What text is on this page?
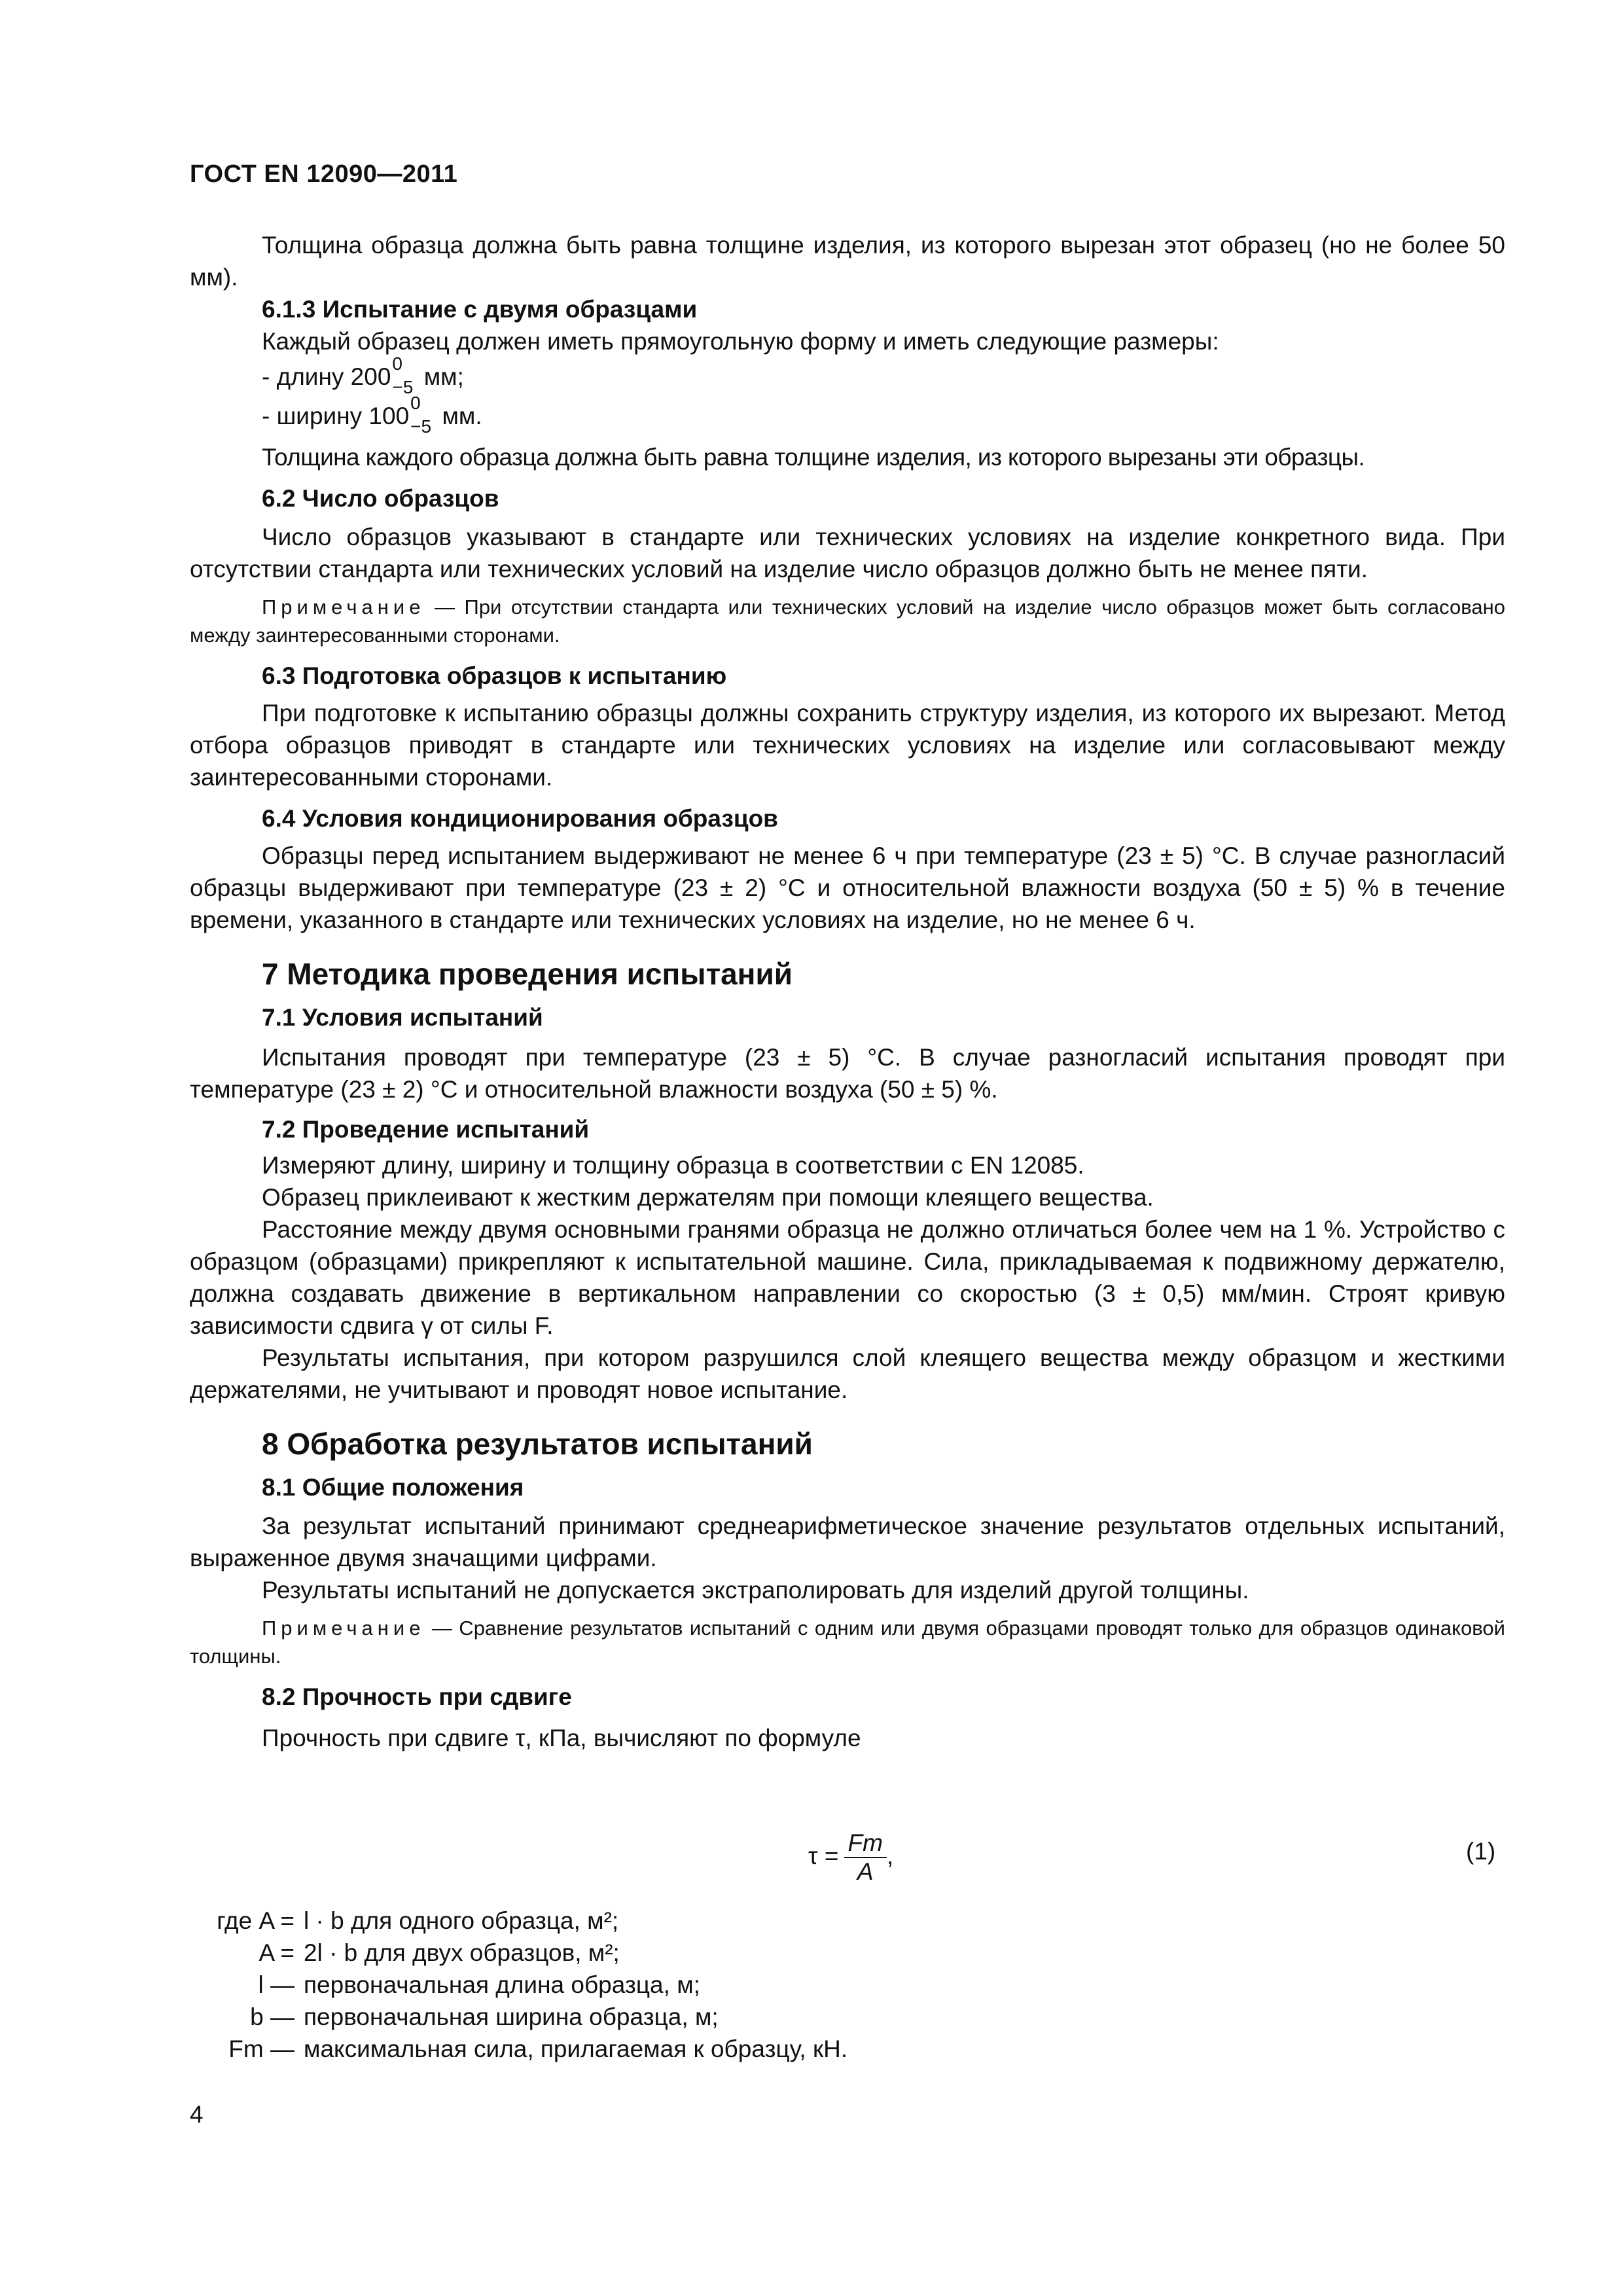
ГОСТ EN 12090—2011

Толщина образца должна быть равна толщине изделия, из которого вырезан этот образец (но не более 50 мм).

6.1.3 Испытание с двумя образцами

Каждый образец должен иметь прямоугольную форму и иметь следующие размеры:

- длину 200 0
−5 мм;

- ширину 100 0
−5 мм.

Толщина каждого образца должна быть равна толщине изделия, из которого вырезаны эти образцы.

6.2 Число образцов

Число образцов указывают в стандарте или технических условиях на изделие конкретного вида. При отсутствии стандарта или технических условий на изделие число образцов должно быть не менее пяти.

Примечание — При отсутствии стандарта или технических условий на изделие число образцов может быть согласовано между заинтересованными сторонами.

6.3 Подготовка образцов к испытанию

При подготовке к испытанию образцы должны сохранить структуру изделия, из которого их вырезают. Метод отбора образцов приводят в стандарте или технических условиях на изделие или согласовывают между заинтересованными сторонами.

6.4 Условия кондиционирования образцов

Образцы перед испытанием выдерживают не менее 6 ч при температуре (23 ± 5) °С. В случае разногласий образцы выдерживают при температуре (23 ± 2) °С и относительной влажности воздуха (50 ± 5) % в течение времени, указанного в стандарте или технических условиях на изделие, но не менее 6 ч.

7 Методика проведения испытаний

7.1 Условия испытаний

Испытания проводят при температуре (23 ± 5) °С. В случае разногласий испытания проводят при температуре (23 ± 2) °С и относительной влажности воздуха (50 ± 5) %.

7.2 Проведение испытаний

Измеряют длину, ширину и толщину образца в соответствии с EN 12085.

Образец приклеивают к жестким держателям при помощи клеящего вещества.

Расстояние между двумя основными гранями образца не должно отличаться более чем на 1 %. Устройство с образцом (образцами) прикрепляют к испытательной машине. Сила, прикладываемая к подвижному держателю, должна создавать движение в вертикальном направлении со скоростью (3 ± 0,5) мм/мин. Строят кривую зависимости сдвига γ от силы F.

Результаты испытания, при котором разрушился слой клеящего вещества между образцом и жесткими держателями, не учитывают и проводят новое испытание.

8 Обработка результатов испытаний

8.1 Общие положения

За результат испытаний принимают среднеарифметическое значение результатов отдельных испытаний, выраженное двумя значащими цифрами.

Результаты испытаний не допускается экстраполировать для изделий другой толщины.

Примечание — Сравнение результатов испытаний с одним или двумя образцами проводят только для образцов одинаковой толщины.

8.2 Прочность при сдвиге

Прочность при сдвиге τ, кПа, вычисляют по формуле

$\tau = \frac{Fm}{A}$ ,	(1)
где A = l · b для одного образца, м²;
A = 2l · b для двух образцов, м²;
l — первоначальная длина образца, м;
b — первоначальная ширина образца, м;
Fm — максимальная сила, прилагаемая к образцу, кН.
4
